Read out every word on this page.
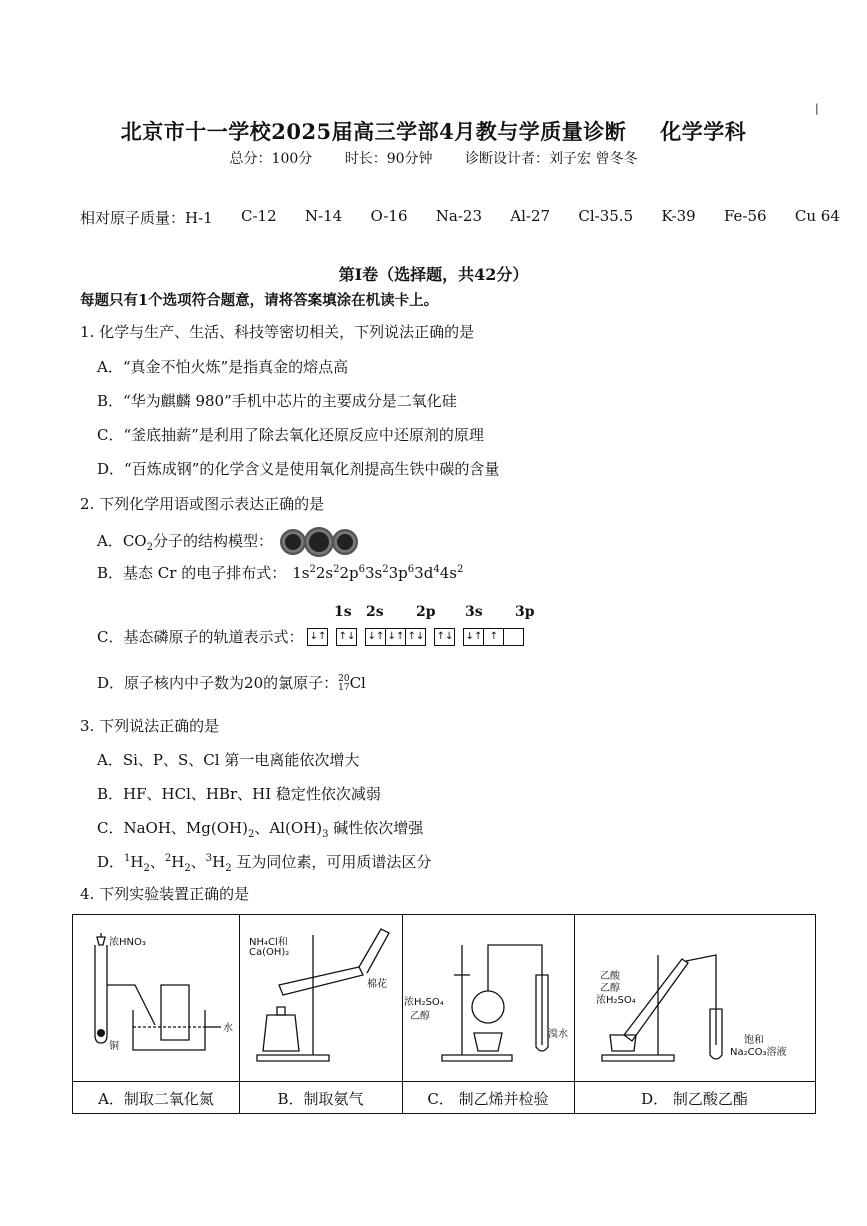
|
北京市十一学校2025届高三学部4月教与学质量诊断 化学学科
总分：100分 时长：90分钟 诊断设计者：刘子宏 曾冬冬
相对原子质量：H-1 C-12 N-14 O-16 Na-23 Al-27 Cl-35.5 K-39 Fe-56 Cu 64
第I卷（选择题，共42分）
每题只有1个选项符合题意，请将答案填涂在机读卡上。
1. 化学与生产、生活、科技等密切相关，下列说法正确的是
A．“真金不怕火炼”是指真金的熔点高
B．“华为麒麟 980”手机中芯片的主要成分是二氧化硅
C．“釜底抽薪”是利用了除去氧化还原反应中还原剂的原理
D．“百炼成钢”的化学含义是使用氧化剂提高生铁中碳的含量
2. 下列化学用语或图示表达正确的是
A．$CO_2$分子的结构模型：
B．基态 Cr 的电子排布式： $1s^22s^22p^63s^23p^63d^44s^2$
1s 2s 2p 3s 3p
C．基态磷原子的轨道表示式： ↓↑ ↑↓ ↓↑ ↓↑ ↑↓ ↑↓ ↓↑ ↑
D．原子核内中子数为20的氯原子：20
17Cl
3. 下列说法正确的是
A．Si、P、S、Cl 第一电离能依次增大
B．HF、HCl、HBr、HI 稳定性依次减弱
C．NaOH、$Mg(OH)_2$、$Al(OH)_3$ 碱性依次增强
D．$^1H_2$、$^2H_2$、$^3H_2$ 互为同位素，可用质谱法区分
4. 下列实验装置正确的是
浓HNO₃
铜
水
NH₄Cl和
Ca(OH)₂
棉花
浓H₂SO₄
乙醇
溴水
乙酸
乙醇
浓H₂SO₄
饱和
Na₂CO₃溶液
A．制取二氧化氮	B．制取氨气	C． 制乙烯并检验	D． 制乙酸乙酯
